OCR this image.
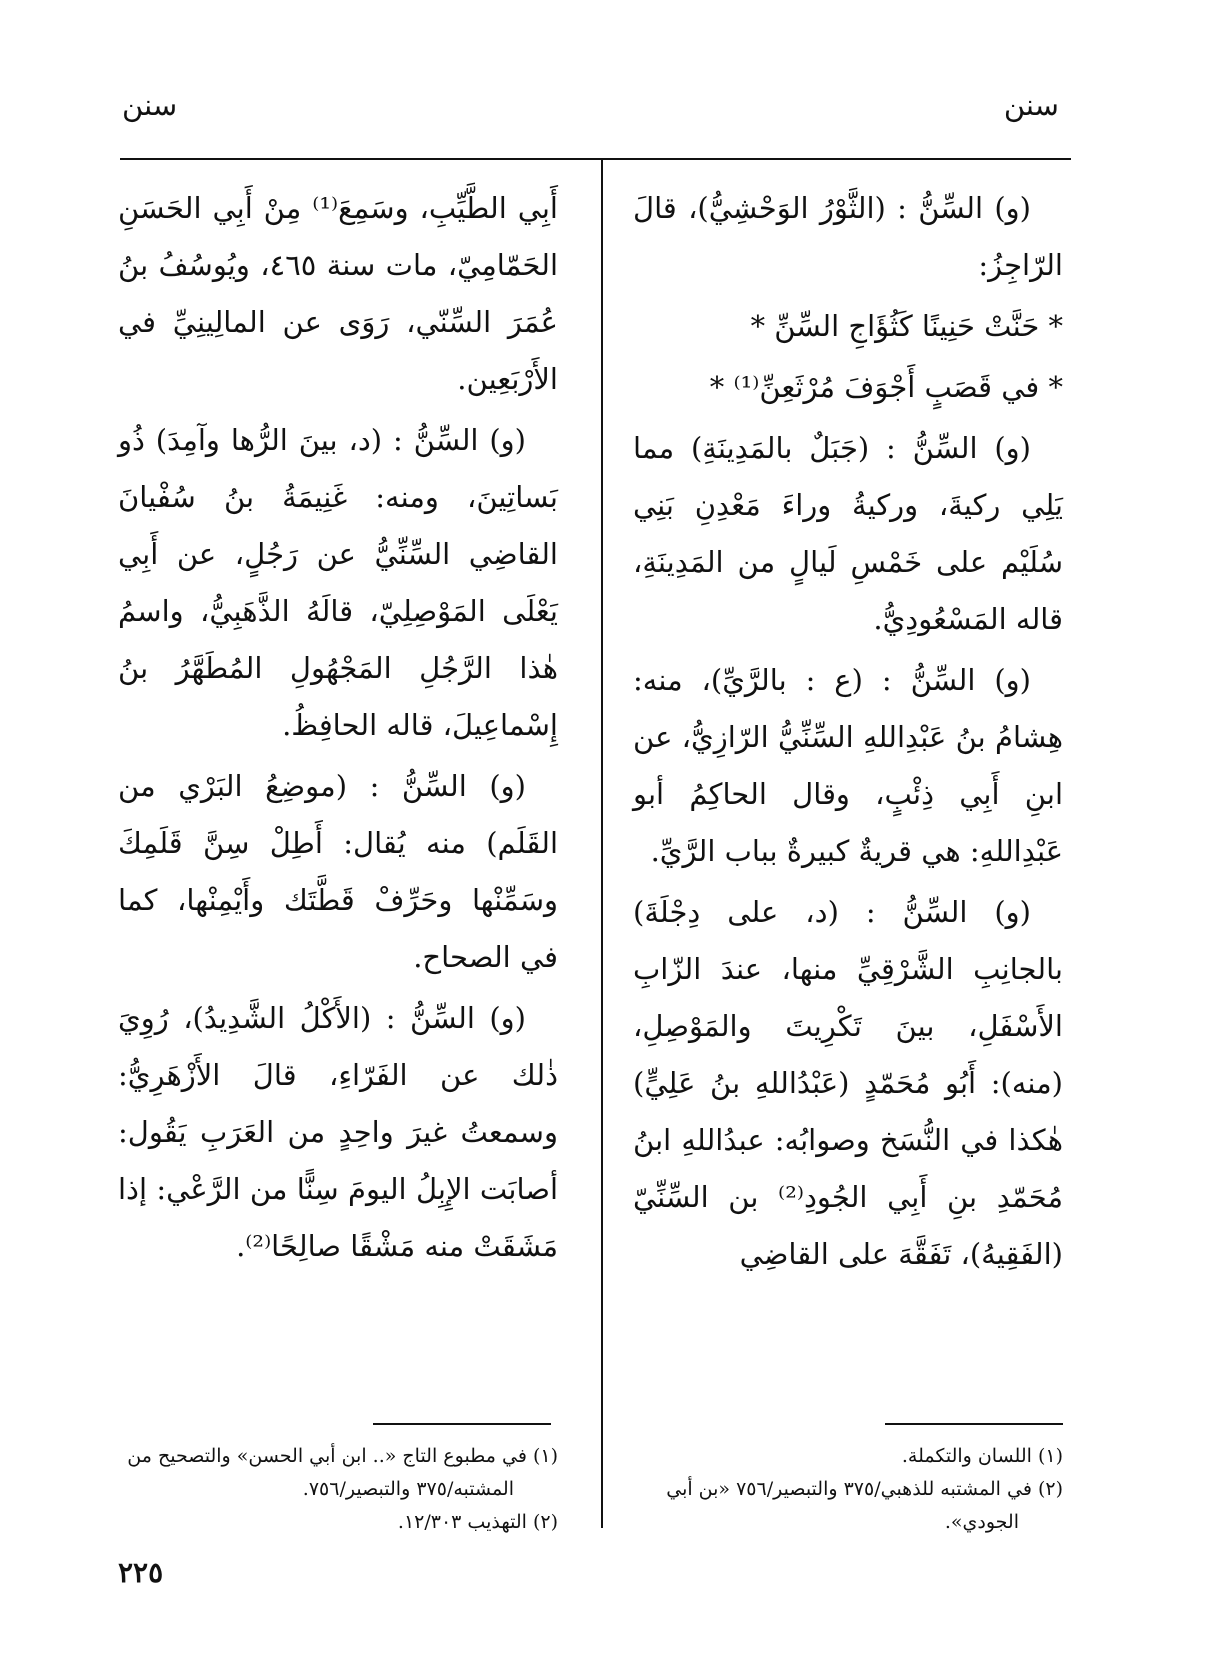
سنن
سنن

(و) السِّنُّ : (الثَّوْرُ الوَحْشِيُّ)، قالَ الرّاجِزُ:

* حَنَّتْ حَنِينًا كَثُؤَاجِ السِّنِّ *

* في قَصَبٍ أَجْوَفَ مُرْثَعِنِّ⁽¹⁾ *

(و) السِّنُّ : (جَبَلٌ بالمَدِينَةِ) مما يَلِي ركيةَ، وركيةُ وراءَ مَعْدِنِ بَنِي سُلَيْم على خَمْسِ لَيالٍ من المَدِينَةِ، قاله المَسْعُودِيُّ.

(و) السِّنُّ : (ع : بالرَّيِّ)، منه: هِشامُ بنُ عَبْدِاللهِ السِّنِّيُّ الرّازِيُّ، عن ابنِ أَبِي ذِئْبٍ، وقال الحاكِمُ أبو عَبْدِاللهِ: هي قريةٌ كبيرةٌ بباب الرَّيِّ.

(و) السِّنُّ : (د، على دِجْلَةَ) بالجانِبِ الشَّرْقِيِّ منها، عندَ الزّابِ الأَسْفَلِ، بينَ تَكْرِيتَ والمَوْصِلِ، (منه): أَبُو مُحَمّدٍ (عَبْدُاللهِ بنُ عَلِيٍّ) هٰكذا في النُّسَخ وصوابُه: عبدُاللهِ ابنُ مُحَمّدِ بنِ أَبِي الجُودِ⁽²⁾ بن السِّنِّيّ (الفَقِيهُ)، تَفَقَّهَ على القاضِي

أَبِي الطَّيِّبِ، وسَمِعَ⁽¹⁾ مِنْ أَبِي الحَسَنِ الحَمّامِيّ، مات سنة ٤٦٥، ويُوسُفُ بنُ عُمَرَ السِّنّي، رَوَى عن المالِينِيِّ في الأَرْبَعِين.

(و) السِّنُّ : (د، بينَ الرُّها وآمِدَ) ذُو بَساتِينَ، ومنه: غَنِيمَةُ بنُ سُفْيانَ القاضِي السِّنِّيُّ عن رَجُلٍ، عن أَبِي يَعْلَى المَوْصِلِيّ، قالَهُ الذَّهَبِيُّ، واسمُ هٰذا الرَّجُلِ المَجْهُولِ المُطَهَّرُ بنُ إِسْماعِيلَ، قاله الحافِظُ.

(و) السِّنُّ : (موضِعُ البَرْي من القَلَم) منه يُقال: أَطِلْ سِنَّ قَلَمِكَ وسَمِّنْها وحَرِّفْ قَطَّتَك وأَيْمِنْها، كما في الصحاح.

(و) السِّنُّ : (الأَكْلُ الشَّدِيدُ)، رُوِيَ ذٰلك عن الفَرّاءِ، قالَ الأَزْهَرِيُّ: وسمعتُ غيرَ واحِدٍ من العَرَبِ يَقُول: أصابَت الإِبِلُ اليومَ سِنًّا من الرَّعْي: إذا مَشَقَتْ منه مَشْقًا صالِحًا⁽²⁾.

(١) اللسان والتكملة.

(٢) في المشتبه للذهبي/٣٧٥ والتبصير/٧٥٦ «بن أبي الجودي».

(١) في مطبوع التاج «.. ابن أبي الحسن» والتصحيح من المشتبه/٣٧٥ والتبصير/٧٥٦.

(٢) التهذيب ١٢/٣٠٣.

٢٢٥
